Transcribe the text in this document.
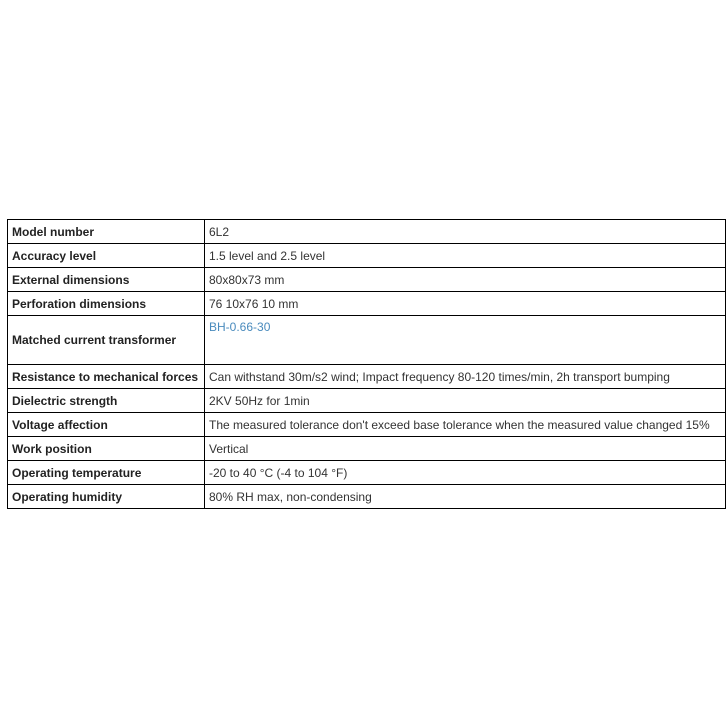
Model number	6L2
Accuracy level	1.5 level and 2.5 level
External dimensions	80x80x73 mm
Perforation dimensions	76 10x76 10 mm
Matched current transformer	BH-0.66-30
Resistance to mechanical forces	Can withstand 30m/s2 wind; Impact frequency 80-120 times/min, 2h transport bumping
Dielectric strength	2KV 50Hz for 1min
Voltage affection	The measured tolerance don't exceed base tolerance when the measured value changed 15%
Work position	Vertical
Operating temperature	-20 to 40 °C (-4 to 104 °F)
Operating humidity	80% RH max, non-condensing
